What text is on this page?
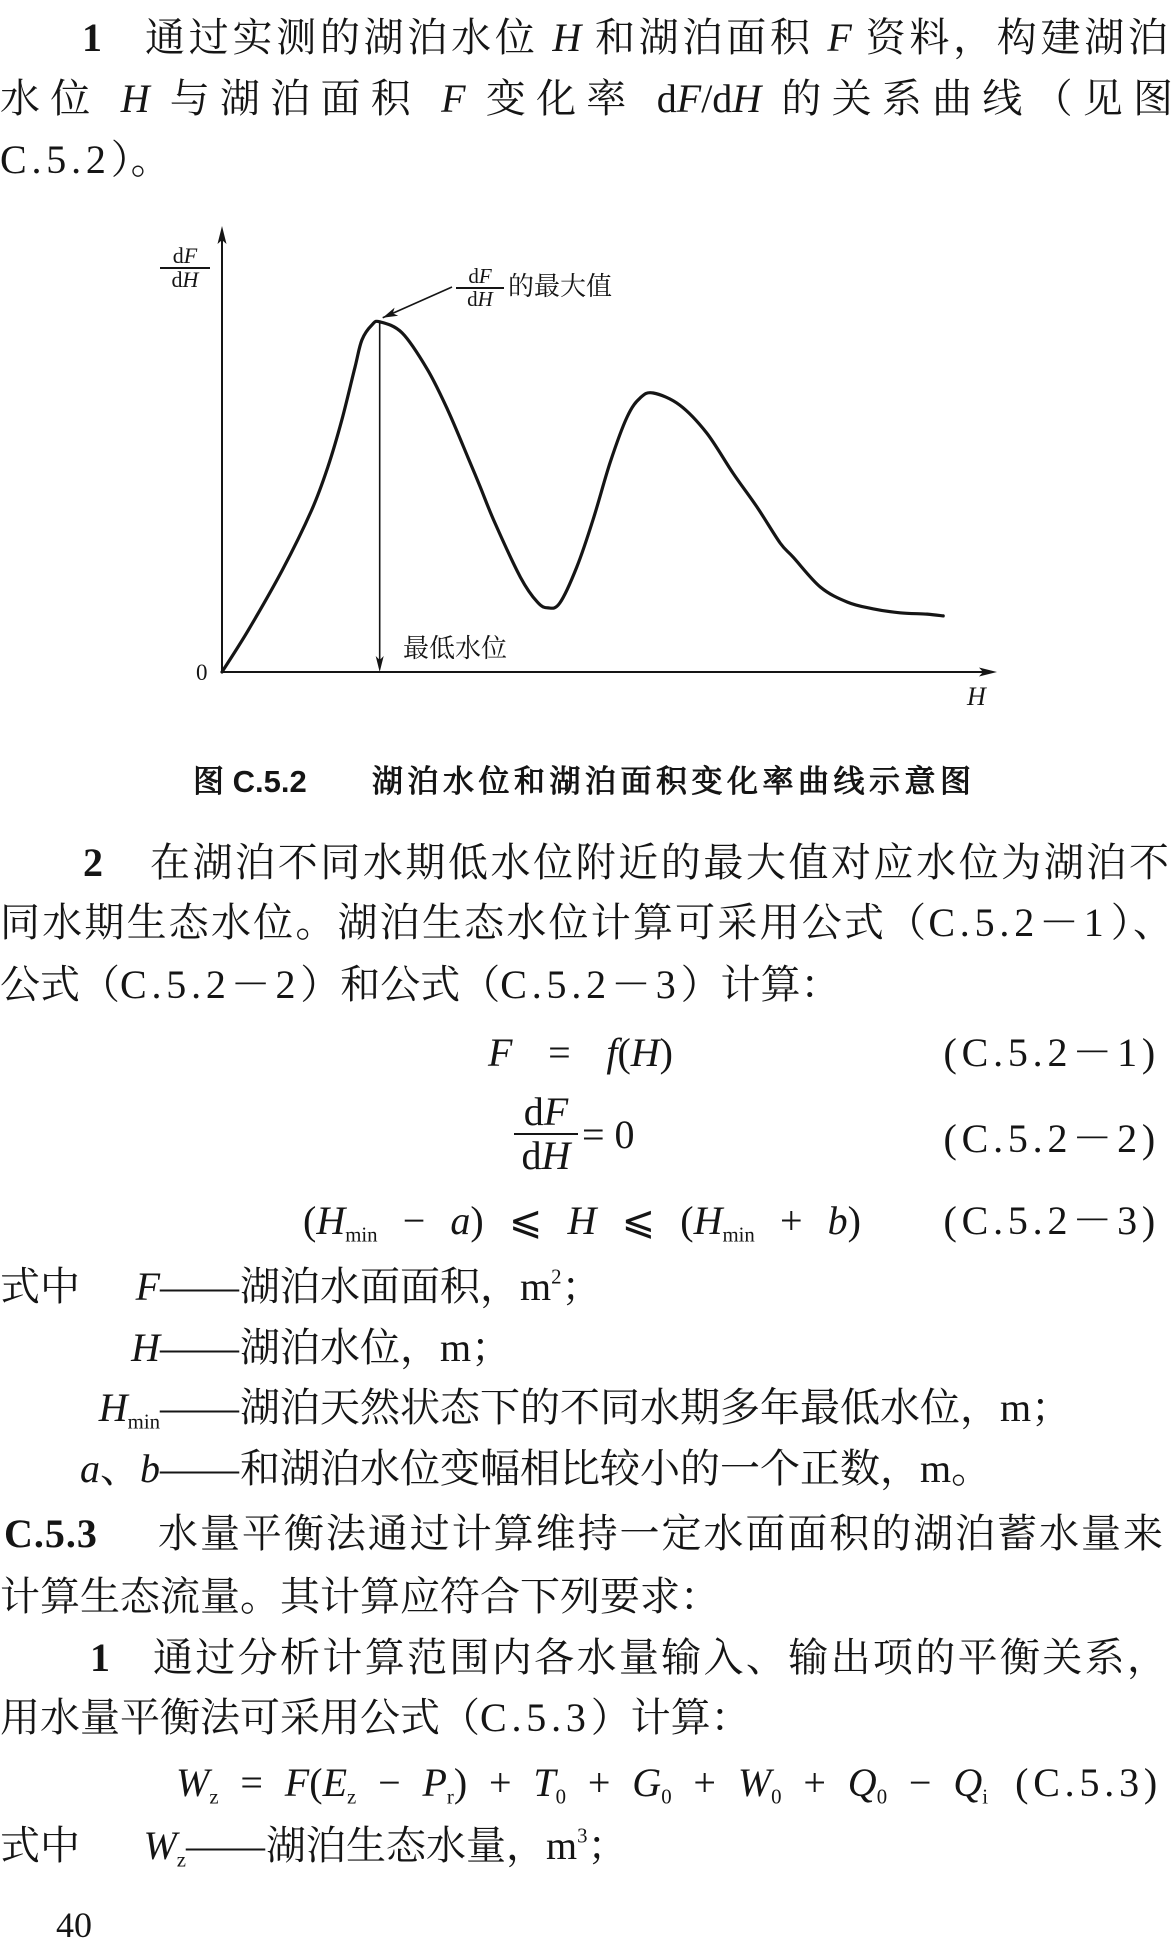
1 通过实测的湖泊水位 H 和湖泊面积 F 资料，构建湖泊
水位 H 与湖泊面积 F 变化率 dF/dH 的关系曲线（见图
C.5.2）。
$\frac{dF}{dH}$	$\frac{dF}{dH}$ 的最大值
最低水位
0
H
图 C.5.2 湖泊水位和湖泊面积变化率曲线示意图
2 在湖泊不同水期低水位附近的最大值对应水位为湖泊不
同水期生态水位。湖泊生态水位计算可采用公式（C.5.2－1）、
公式（C.5.2－2）和公式（C.5.2－3）计算：
F = f(H)	(C.5.2－1)
$\frac{dF}{dH} = 0$	(C.5.2－2)
$(H_{min} - a)$ ⩽ H ⩽ $(H_{min} + b)$ (C.5.2－3)
式中	F —— 湖泊水面面积，$m^2$；
H —— 湖泊水位，m；
$H_{min}$ —— 湖泊天然状态下的不同水期多年最低水位，m；
a、b —— 和湖泊水位变幅相比较小的一个正数，m。
C.5.3 水量平衡法通过计算维持一定水面面积的湖泊蓄水量来
计算生态流量。其计算应符合下列要求：
1 通过分析计算范围内各水量输入、输出项的平衡关系，
用水量平衡法可采用公式（C.5.3）计算：
$W_z = F(E_z - P_r) + T_0 + G_0 + W_0 + Q_0 - Q_i$ (C.5.3)
式中	$W_z$ —— 湖泊生态水量，$m^3$；
40
